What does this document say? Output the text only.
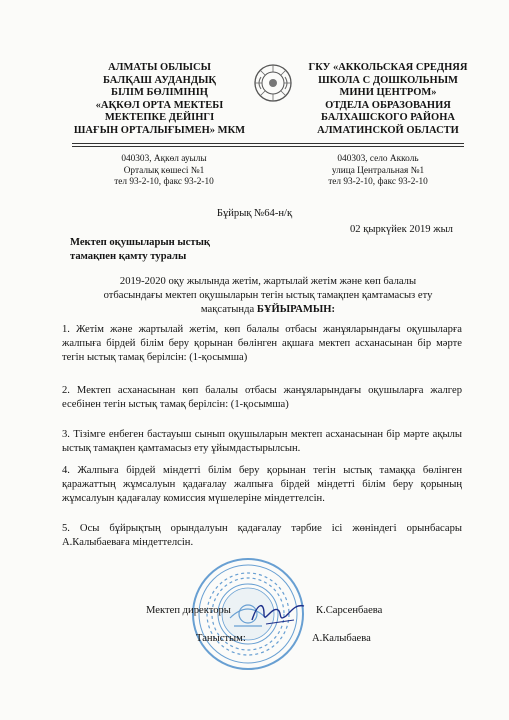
АЛМАТЫ ОБЛЫСЫ
БАЛҚАШ АУДАНДЫҚ
БІЛІМ БӨЛІМІНІҢ
«АҚКӨЛ ОРТА МЕКТЕБІ
МЕКТЕПКЕ ДЕЙІНГІ
ШАҒЫН ОРТАЛЫҒЫМЕН» МКМ
ГКУ «АККОЛЬСКАЯ СРЕДНЯЯ
ШКОЛА С ДОШКОЛЬНЫМ
МИНИ ЦЕНТРОМ»
ОТДЕЛА ОБРАЗОВАНИЯ
БАЛХАШСКОГО РАЙОНА
АЛМАТИНСКОЙ ОБЛАСТИ
040303, Ақкөл ауылы
Орталық көшесі №1
тел 93-2-10, факс 93-2-10
040303, село Акколь
улица Центральная №1
тел 93-2-10, факс 93-2-10
Бұйрық №64-н/қ
02 қыркүйек 2019 жыл
Мектеп оқушыларын ыстық
тамақпен қамту туралы
2019-2020 оқу жылында жетім, жартылай жетім және көп балалы
отбасындағы мектеп оқушыларын тегін ыстық тамақпен қамтамасыз ету
мақсатында БҰЙЫРАМЫН:
1. Жетім және жартылай жетім, көп балалы отбасы жанұяларындағы оқушыларға жалпыға бірдей білім беру қорынан бөлінген ақшаға мектеп асханасынан бір мәрте тегін ыстық тамақ берілсін: (1-қосымша)
2. Мектеп асханасынан көп балалы отбасы жанұяларындағы оқушыларға жалгер есебінен тегін ыстық тамақ берілсін: (1-қосымша)
3. Тізімге енбеген бастауыш сынып оқушыларын мектеп асханасынан бір мәрте ақылы ыстық тамақпен қамтамасыз ету ұйымдастырылсын.
4. Жалпыға бірдей міндетті білім беру қорынан тегін ыстық тамаққа бөлінген қаражаттың жұмсалуын қадағалау жалпыға бірдей міндетті білім беру қорының жұмсалуын қадағалау комиссия мүшелеріне міндеттелсін.
5. Осы бұйрықтың орындалуын қадағалау тәрбие ісі жөніндегі орынбасары А.Калыбаевағa міндеттелсін.
Мектеп директоры	К.Сарсенбаева
Таныстым:	А.Калыбаева
